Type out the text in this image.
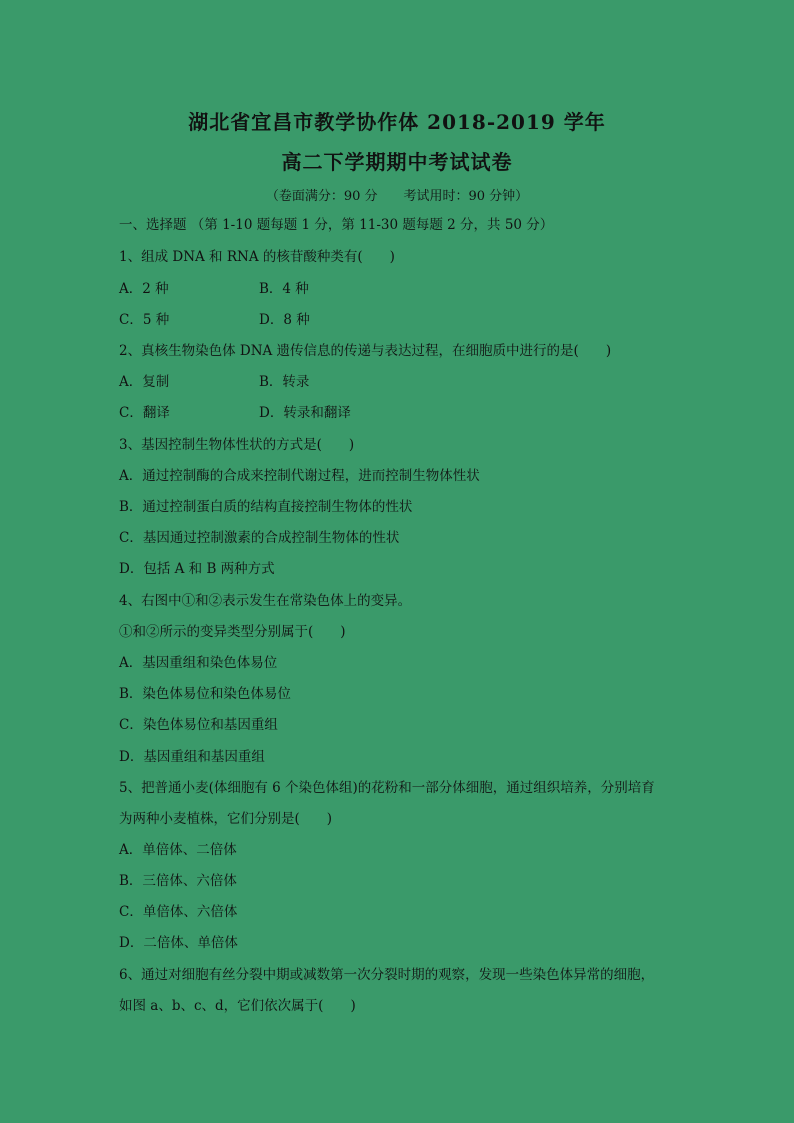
湖北省宜昌市教学协作体 2018-2019 学年
高二下学期期中考试试卷
（卷面满分：90 分　　考试用时：90 分钟）
一、选择题 （第 1-10 题每题 1 分，第 11-30 题每题 2 分，共 50 分）
1、组成 DNA 和 RNA 的核苷酸种类有(　　)
A．2 种	B．4 种
C．5 种	D．8 种
2、真核生物染色体 DNA 遗传信息的传递与表达过程，在细胞质中进行的是(　　)
A．复制	B．转录
C．翻译	D．转录和翻译
3、基因控制生物体性状的方式是(　　)
A．通过控制酶的合成来控制代谢过程，进而控制生物体性状
B．通过控制蛋白质的结构直接控制生物体的性状
C．基因通过控制激素的合成控制生物体的性状
D．包括 A 和 B 两种方式
4、右图中①和②表示发生在常染色体上的变异。
①和②所示的变异类型分别属于(　　)
A．基因重组和染色体易位
B．染色体易位和染色体易位
C．染色体易位和基因重组
D．基因重组和基因重组
5、把普通小麦(体细胞有 6 个染色体组)的花粉和一部分体细胞，通过组织培养，分别培育
为两种小麦植株，它们分别是(　　)
A．单倍体、二倍体
B．三倍体、六倍体
C．单倍体、六倍体
D．二倍体、单倍体
6、通过对细胞有丝分裂中期或减数第一次分裂时期的观察，发现一些染色体异常的细胞，
如图 a、b、c、d，它们依次属于(　　)
